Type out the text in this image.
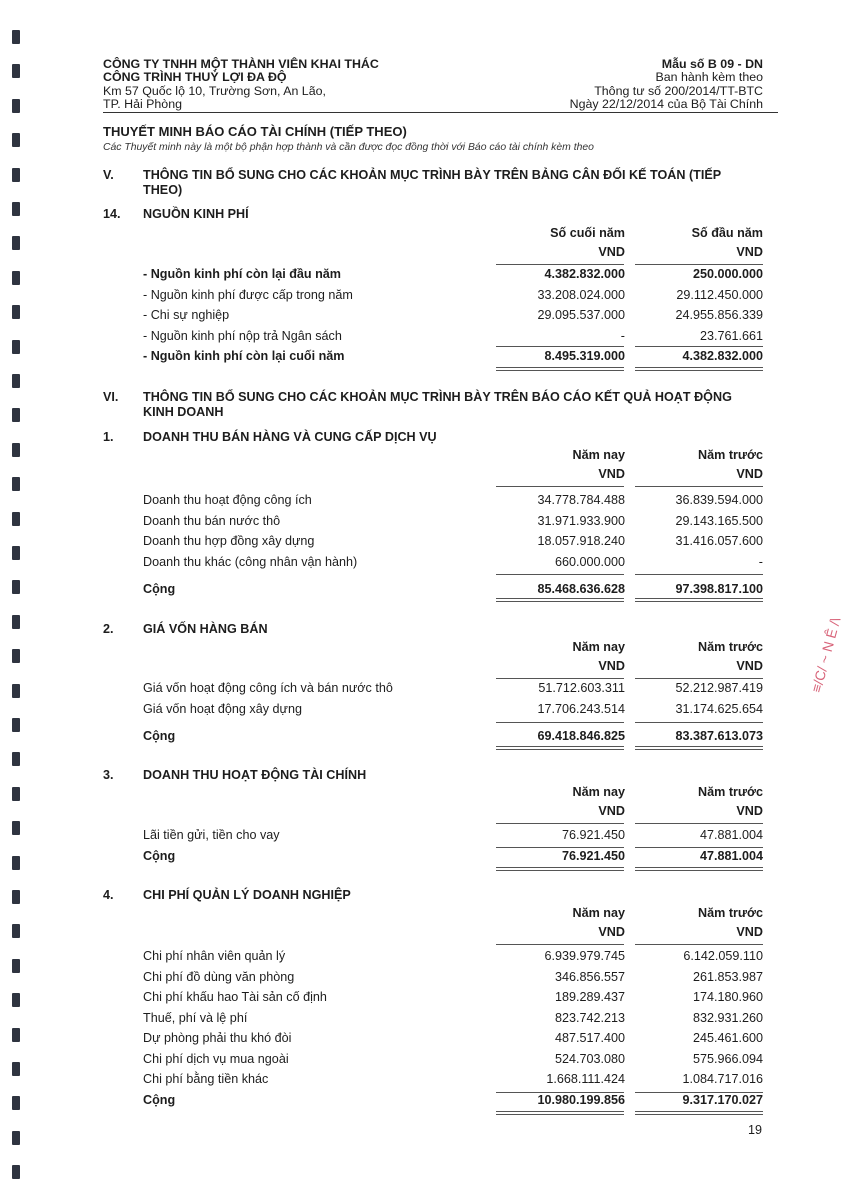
CÔNG TY TNHH MỘT THÀNH VIÊN KHAI THÁC
CÔNG TRÌNH THUỶ LỢI ĐA ĐỘ
Km 57 Quốc lộ 10, Trường Sơn, An Lão,
TP. Hải Phòng
Mẫu số B 09 - DN
Ban hành kèm theo
Thông tư số 200/2014/TT-BTC
Ngày 22/12/2014 của Bộ Tài Chính
THUYẾT MINH BÁO CÁO TÀI CHÍNH (TIẾP THEO)
Các Thuyết minh này là một bộ phận hợp thành và cần được đọc đồng thời với Báo cáo tài chính kèm theo
V. THÔNG TIN BỔ SUNG CHO CÁC KHOẢN MỤC TRÌNH BÀY TRÊN BẢNG CÂN ĐỐI KẾ TOÁN (TIẾP THEO)
14. NGUỒN KINH PHÍ
Số cuối năm
VND
Số đầu năm
VND
- Nguồn kinh phí còn lại đầu năm	4.382.832.000	250.000.000
- Nguồn kinh phí được cấp trong năm	33.208.024.000	29.112.450.000
- Chi sự nghiệp	29.095.537.000	24.955.856.339
- Nguồn kinh phí nộp trả Ngân sách	-	23.761.661
- Nguồn kinh phí còn lại cuối năm	8.495.319.000	4.382.832.000
VI. THÔNG TIN BỔ SUNG CHO CÁC KHOẢN MỤC TRÌNH BÀY TRÊN BÁO CÁO KẾT QUẢ HOẠT ĐỘNG KINH DOANH
1. DOANH THU BÁN HÀNG VÀ CUNG CẤP DỊCH VỤ
Năm nay
VND
Năm trước
VND
Doanh thu hoạt động công ích	34.778.784.488	36.839.594.000
Doanh thu bán nước thô	31.971.933.900	29.143.165.500
Doanh thu hợp đồng xây dựng	18.057.918.240	31.416.057.600
Doanh thu khác (công nhân vận hành)	660.000.000	-
Cộng	85.468.636.628	97.398.817.100
2. GIÁ VỐN HÀNG BÁN
Năm nay
VND
Năm trước
VND
Giá vốn hoạt động công ích và bán nước thô	51.712.603.311	52.212.987.419
Giá vốn hoạt động xây dựng	17.706.243.514	31.174.625.654
Cộng	69.418.846.825	83.387.613.073
3. DOANH THU HOẠT ĐỘNG TÀI CHÍNH
Năm nay
VND
Năm trước
VND
Lãi tiền gửi, tiền cho vay	76.921.450	47.881.004
Cộng	76.921.450	47.881.004
4. CHI PHÍ QUẢN LÝ DOANH NGHIỆP
Năm nay
VND
Năm trước
VND
Chi phí nhân viên quản lý	6.939.979.745	6.142.059.110
Chi phí đồ dùng văn phòng	346.856.557	261.853.987
Chi phí khấu hao Tài sản cố định	189.289.437	174.180.960
Thuế, phí và lệ phí	823.742.213	832.931.260
Dự phòng phải thu khó đòi	487.517.400	245.461.600
Chi phí dịch vụ mua ngoài	524.703.080	575.966.094
Chi phí bằng tiền khác	1.668.111.424	1.084.717.016
Cộng	10.980.199.856	9.317.170.027
19
≡/C/ ~ N Ê /\
